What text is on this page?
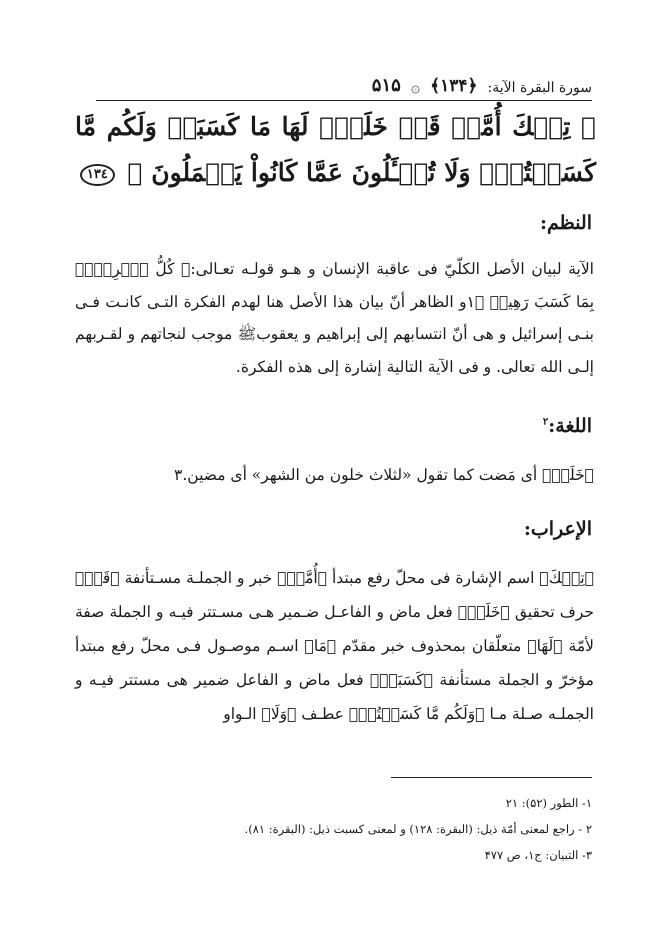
سورة البقرة الآية:
﴿١٣۴﴾
۞
۵۱۵
﴿ تِلۡكَ أُمَّةٞ قَدۡ خَلَتۡۖ لَهَا مَا كَسَبَتۡ وَلَكُم مَّا كَسَبۡتُمۡۖ وَلَا تُسۡـَٔلُونَ عَمَّا كَانُواْ يَعۡمَلُونَ ﴾ ١٣٤
النظم:
الآية لبيان الأصل الكلّيّ فى عاقبة الإنسان و هـو قولـه تعـالى:﴿ كُلُّ ٱمۡرِيِٕۭ بِمَا كَسَبَ رَهِينٞ ﴾١و الظاهر أنّ بيان هذا الأصل هنا لهدم الفكرة التـى كانـت فـى بنـى إسرائيل و هى أنّ انتسابهم إلى إبراهيم و يعقوبﷺ موجب لنجاتهم و لقـربهم إلـى الله تعالى. و فى الآية التالية إشارة إلى هذه الفكرة.
اللغة:$^٢$
﴿خَلَتۡ﴾ أى مَضت كما تقول «لثلاث خلون من الشهر» أى مضين.٣
الإعراب:
﴿تِلۡكَ﴾ اسم الإشارة فى محلّ رفع مبتدأ ﴿أُمَّةٞ﴾ خبر و الجملـة مسـتأنفة ﴿قَدۡ﴾ حرف تحقيق ﴿خَلَتۡ﴾ فعل ماض و الفاعـل ضـمير هـى مسـتتر فيـه و الجملة صفة لأمّة ﴿لَهَا﴾ متعلّقان بمحذوف خبر مقدّم ﴿مَا﴾ اسـم موصـول فـى محلّ رفع مبتدأ مؤخرّ و الجملة مستأنفة ﴿كَسَبَتۡ﴾ فعل ماض و الفاعل ضمير هى مستتر فيـه و الجملـه صـلة مـا ﴿وَلَكُم مَّا كَسَبۡتُمۡ﴾ عطـف ﴿وَلَا﴾ الـواو
١- الطور (۵٢): ٢١
٢ - راجع لمعنى أمّة ذيل: (البقرة: ١٢٨) و لمعنى كسبت ذيل: (البقرة: ٨١).
٣- التبيان: ج١، ص ۴٧٧
